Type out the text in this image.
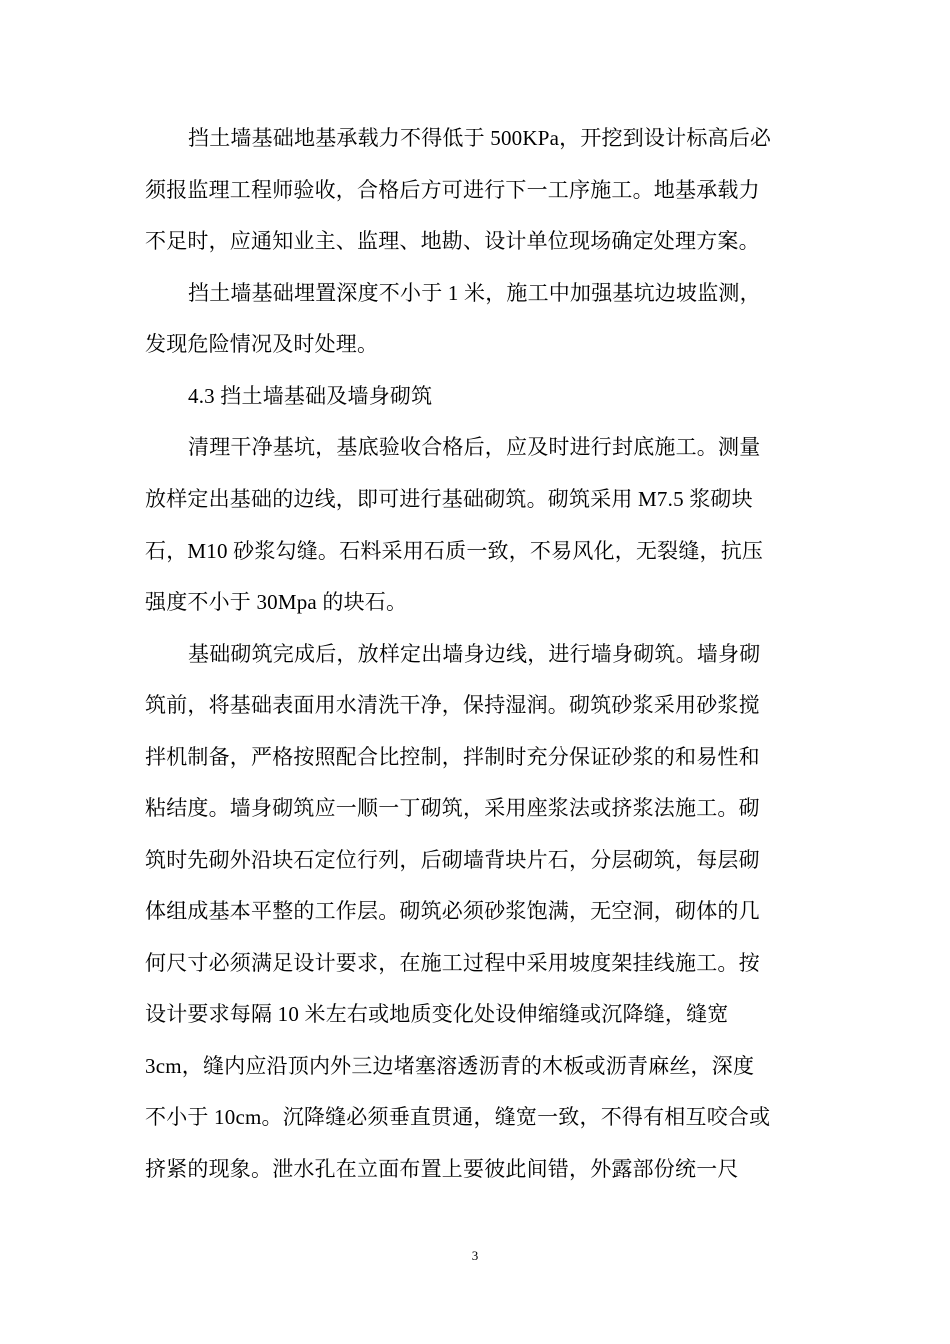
挡土墙基础地基承载力不得低于 500KPa，开挖到设计标高后必
须报监理工程师验收，合格后方可进行下一工序施工。地基承载力
不足时，应通知业主、监理、地勘、设计单位现场确定处理方案。
挡土墙基础埋置深度不小于 1 米，施工中加强基坑边坡监测，
发现危险情况及时处理。
4.3 挡土墙基础及墙身砌筑
清理干净基坑，基底验收合格后，应及时进行封底施工。测量
放样定出基础的边线，即可进行基础砌筑。砌筑采用 M7.5 浆砌块
石，M10 砂浆勾缝。石料采用石质一致，不易风化，无裂缝，抗压
强度不小于 30Mpa 的块石。
基础砌筑完成后，放样定出墙身边线，进行墙身砌筑。墙身砌
筑前，将基础表面用水清洗干净，保持湿润。砌筑砂浆采用砂浆搅
拌机制备，严格按照配合比控制，拌制时充分保证砂浆的和易性和
粘结度。墙身砌筑应一顺一丁砌筑，采用座浆法或挤浆法施工。砌
筑时先砌外沿块石定位行列，后砌墙背块片石，分层砌筑，每层砌
体组成基本平整的工作层。砌筑必须砂浆饱满，无空洞，砌体的几
何尺寸必须满足设计要求，在施工过程中采用坡度架挂线施工。按
设计要求每隔 10 米左右或地质变化处设伸缩缝或沉降缝，缝宽
3cm，缝内应沿顶内外三边堵塞溶透沥青的木板或沥青麻丝，深度
不小于 10cm。沉降缝必须垂直贯通，缝宽一致，不得有相互咬合或
挤紧的现象。泄水孔在立面布置上要彼此间错，外露部份统一尺
3
